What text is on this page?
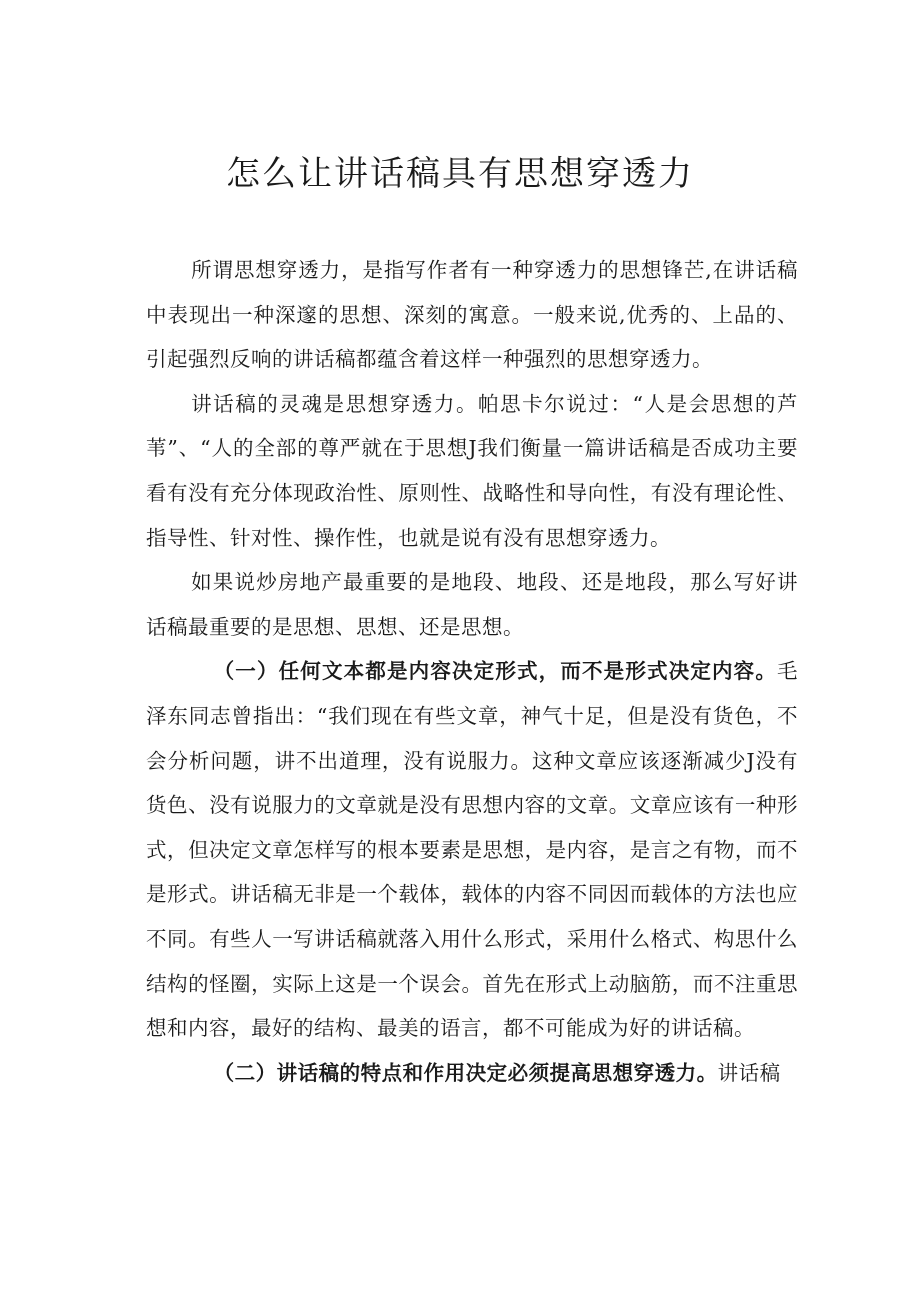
怎么让讲话稿具有思想穿透力

所谓思想穿透力，是指写作者有一种穿透力的思想锋芒,在讲话稿中表现出一种深邃的思想、深刻的寓意。一般来说,优秀的、上品的、引起强烈反响的讲话稿都蕴含着这样一种强烈的思想穿透力。

讲话稿的灵魂是思想穿透力。帕思卡尔说过：“人是会思想的芦苇”、“人的全部的尊严就在于思想J我们衡量一篇讲话稿是否成功主要看有没有充分体现政治性、原则性、战略性和导向性，有没有理论性、指导性、针对性、操作性，也就是说有没有思想穿透力。

如果说炒房地产最重要的是地段、地段、还是地段，那么写好讲话稿最重要的是思想、思想、还是思想。

（一）任何文本都是内容决定形式，而不是形式决定内容。毛泽东同志曾指出：“我们现在有些文章，神气十足，但是没有货色，不会分析问题，讲不出道理，没有说服力。这种文章应该逐渐减少J没有货色、没有说服力的文章就是没有思想内容的文章。文章应该有一种形式，但决定文章怎样写的根本要素是思想，是内容，是言之有物，而不是形式。讲话稿无非是一个载体，载体的内容不同因而载体的方法也应不同。有些人一写讲话稿就落入用什么形式，采用什么格式、构思什么结构的怪圈，实际上这是一个误会。首先在形式上动脑筋，而不注重思想和内容，最好的结构、最美的语言，都不可能成为好的讲话稿。

（二）讲话稿的特点和作用决定必须提高思想穿透力。讲话稿
